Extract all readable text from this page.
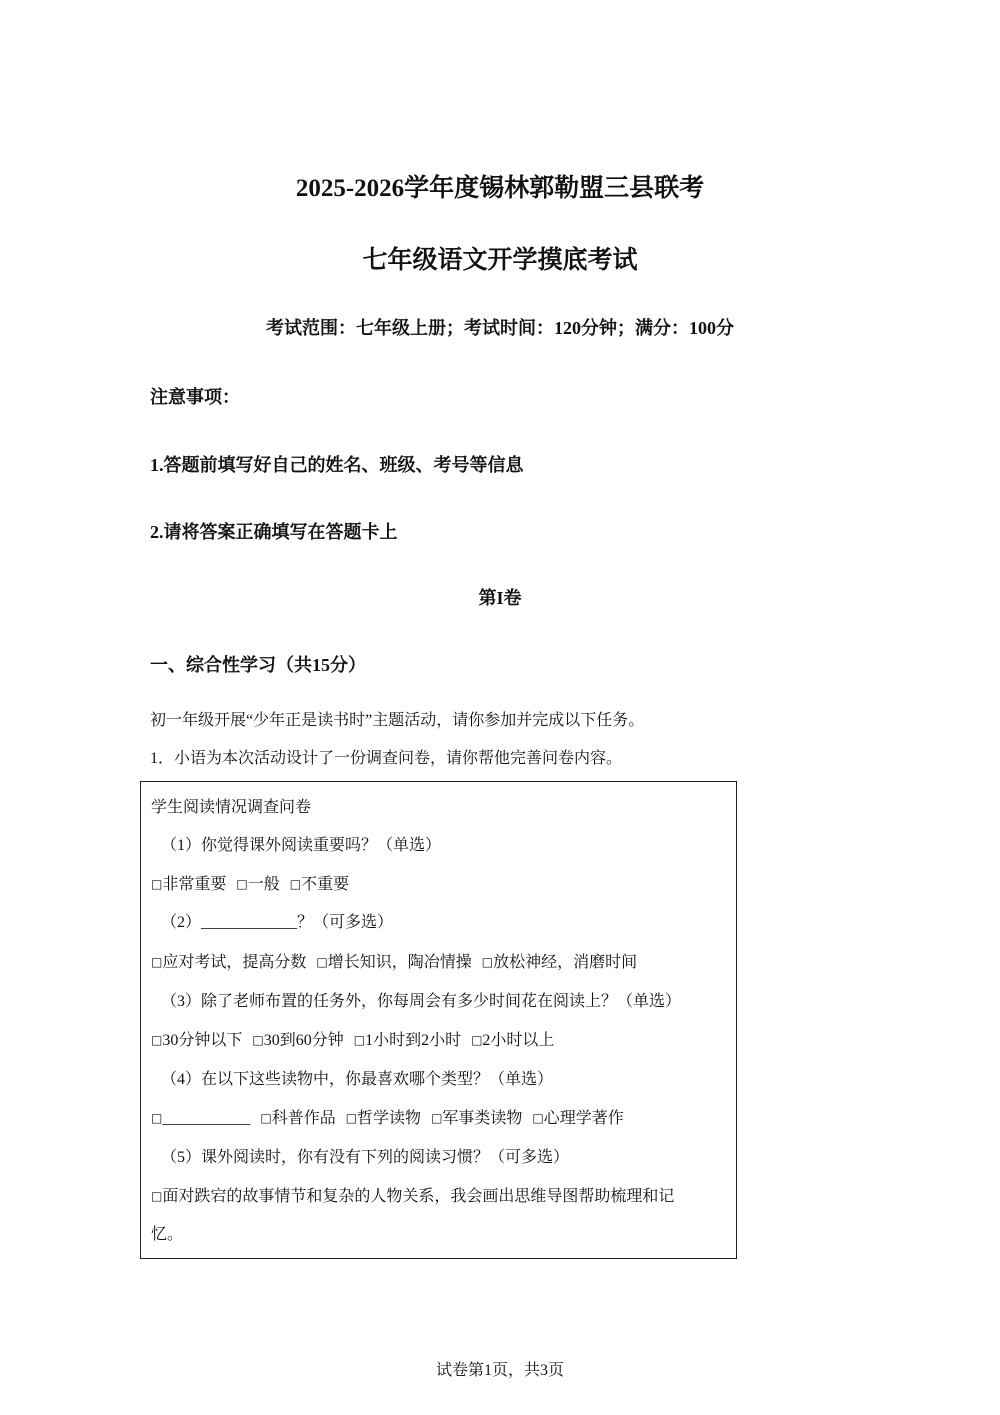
2025-2026学年度锡林郭勒盟三县联考
七年级语文开学摸底考试
考试范围：七年级上册；考试时间：120分钟；满分：100分
注意事项：
1.答题前填写好自己的姓名、班级、考号等信息
2.请将答案正确填写在答题卡上
第I卷
一、综合性学习（共15分）
初一年级开展“少年正是读书时”主题活动，请你参加并完成以下任务。
1．小语为本次活动设计了一份调查问卷，请你帮他完善问卷内容。
学生阅读情况调查问卷
（1）你觉得课外阅读重要吗？（单选）
□非常重要 □一般 □不重要
（2）____________？（可多选）
□应对考试，提高分数 □增长知识，陶冶情操 □放松神经，消磨时间
（3）除了老师布置的任务外，你每周会有多少时间花在阅读上？（单选）
□30分钟以下 □30到60分钟 □1小时到2小时 □2小时以上
（4）在以下这些读物中，你最喜欢哪个类型？（单选）
□___________ □科普作品 □哲学读物 □军事类读物 □心理学著作
（5）课外阅读时，你有没有下列的阅读习惯？（可多选）
□面对跌宕的故事情节和复杂的人物关系，我会画出思维导图帮助梳理和记
忆。
试卷第1页，共3页
